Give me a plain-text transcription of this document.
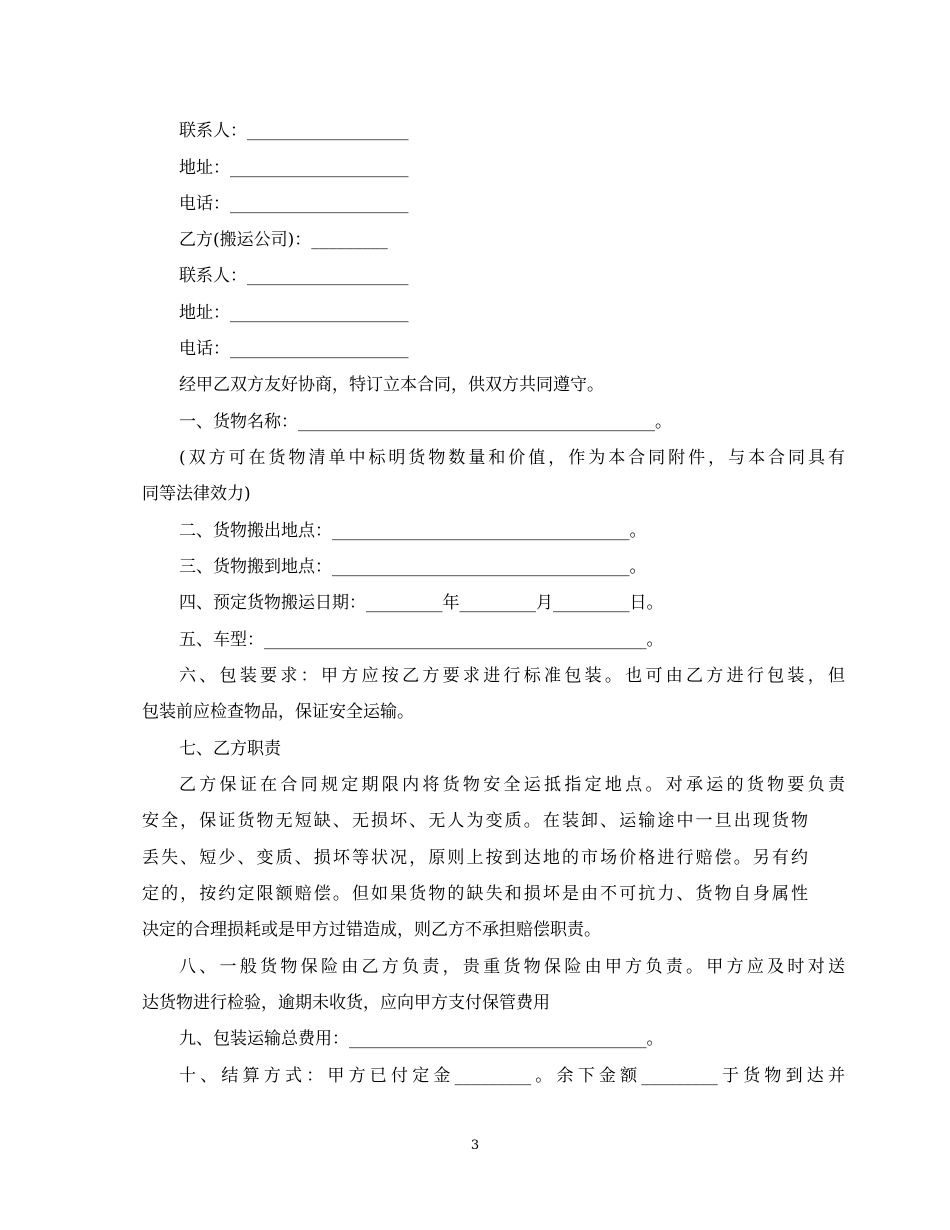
联系人：___________________
地址：_____________________
电话：_____________________
乙方(搬运公司)：_________
联系人：___________________
地址：_____________________
电话：_____________________
经甲乙双方友好协商，特订立本合同，供双方共同遵守。
一、货物名称：__________________________________________。
(双方可在货物清单中标明货物数量和价值，作为本合同附件，与本合同具有
同等法律效力)
二、货物搬出地点：___________________________________。
三、货物搬到地点：___________________________________。
四、预定货物搬运日期：_________年_________月_________日。
五、车型：_____________________________________________。
六、包装要求：甲方应按乙方要求进行标准包装。也可由乙方进行包装，但
包装前应检查物品，保证安全运输。
七、乙方职责
乙方保证在合同规定期限内将货物安全运抵指定地点。对承运的货物要负责
安全，保证货物无短缺、无损坏、无人为变质。在装卸、运输途中一旦出现货物
丢失、短少、变质、损坏等状况，原则上按到达地的市场价格进行赔偿。另有约
定的，按约定限额赔偿。但如果货物的缺失和损坏是由不可抗力、货物自身属性
决定的合理损耗或是甲方过错造成，则乙方不承担赔偿职责。
八、一般货物保险由乙方负责，贵重货物保险由甲方负责。甲方应及时对送
达货物进行检验，逾期未收货，应向甲方支付保管费用
九、包装运输总费用：___________________________________。
十、结算方式：甲方已付定金_________。余下金额_________于货物到达并
3
